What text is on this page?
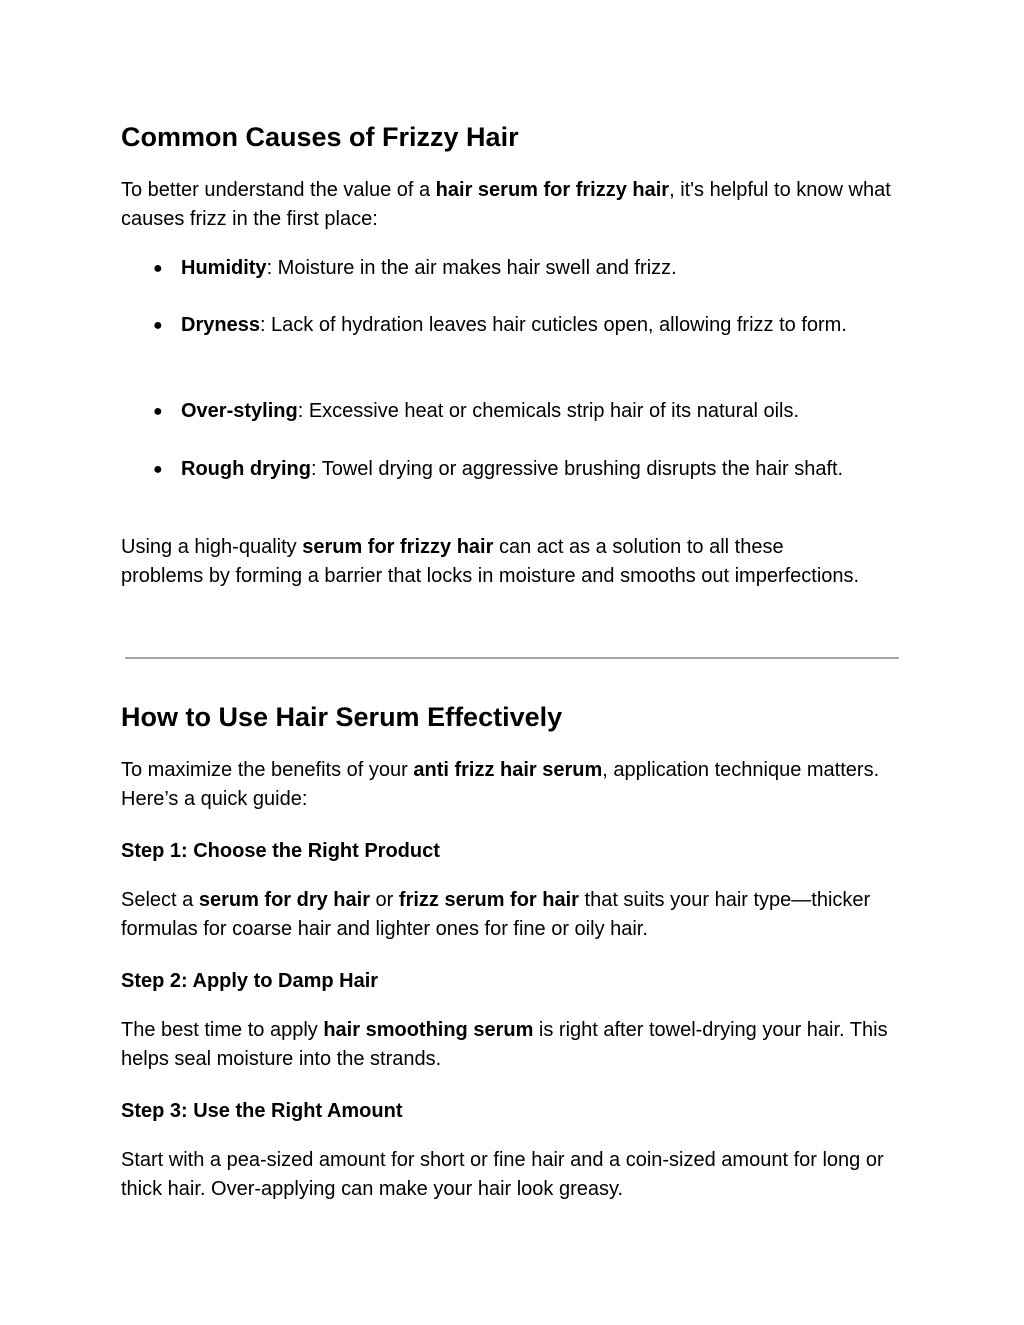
Common Causes of Frizzy Hair

To better understand the value of a hair serum for frizzy hair, it's helpful to know what causes frizz in the first place:

● Humidity: Moisture in the air makes hair swell and frizz.
● Dryness: Lack of hydration leaves hair cuticles open, allowing frizz to form.
● Over-styling: Excessive heat or chemicals strip hair of its natural oils.
● Rough drying: Towel drying or aggressive brushing disrupts the hair shaft.

Using a high-quality serum for frizzy hair can act as a solution to all these problems by forming a barrier that locks in moisture and smooths out imperfections.

How to Use Hair Serum Effectively

To maximize the benefits of your anti frizz hair serum, application technique matters. Here’s a quick guide:

Step 1: Choose the Right Product

Select a serum for dry hair or frizz serum for hair that suits your hair type—thicker formulas for coarse hair and lighter ones for fine or oily hair.

Step 2: Apply to Damp Hair

The best time to apply hair smoothing serum is right after towel-drying your hair. This helps seal moisture into the strands.

Step 3: Use the Right Amount

Start with a pea-sized amount for short or fine hair and a coin-sized amount for long or thick hair. Over-applying can make your hair look greasy.
